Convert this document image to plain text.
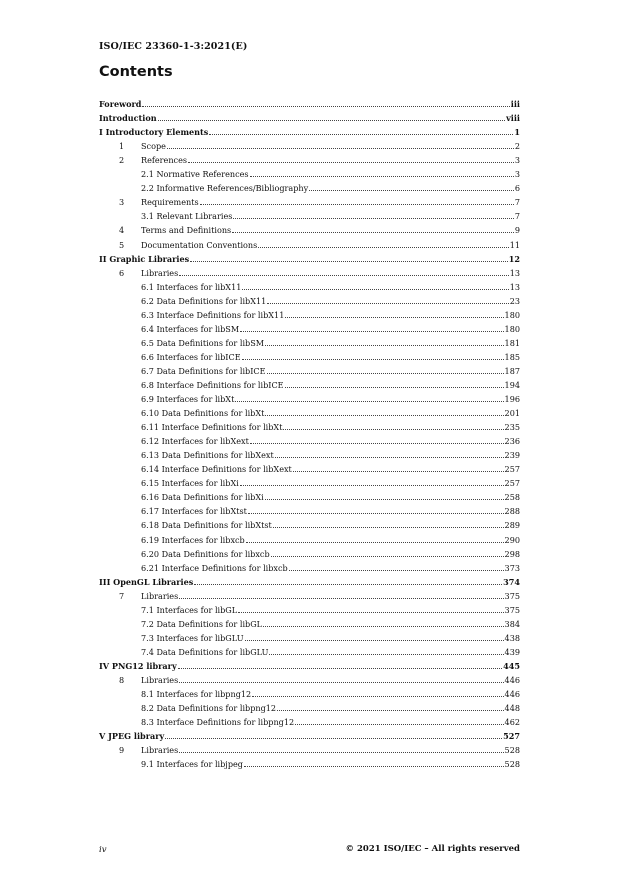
ISO/IEC 23360-1-3:2021(E)
Contents
Foreword	iii
Introduction	viii
I Introductory Elements	1
1	Scope	2
2	References	3
2.1 Normative References	3
2.2 Informative References/Bibliography	6
3	Requirements	7
3.1 Relevant Libraries	7
4	Terms and Definitions	9
5	Documentation Conventions	11
II Graphic Libraries	12
6	Libraries	13
6.1 Interfaces for libX11	13
6.2 Data Definitions for libX11	23
6.3 Interface Definitions for libX11	180
6.4 Interfaces for libSM	180
6.5 Data Definitions for libSM	181
6.6 Interfaces for libICE	185
6.7 Data Definitions for libICE	187
6.8 Interface Definitions for libICE	194
6.9 Interfaces for libXt	196
6.10 Data Definitions for libXt	201
6.11 Interface Definitions for libXt	235
6.12 Interfaces for libXext	236
6.13 Data Definitions for libXext	239
6.14 Interface Definitions for libXext	257
6.15 Interfaces for libXi	257
6.16 Data Definitions for libXi	258
6.17 Interfaces for libXtst	288
6.18 Data Definitions for libXtst	289
6.19 Interfaces for libxcb	290
6.20 Data Definitions for libxcb	298
6.21 Interface Definitions for libxcb	373
III OpenGL Libraries	374
7	Libraries	375
7.1 Interfaces for libGL	375
7.2 Data Definitions for libGL	384
7.3 Interfaces for libGLU	438
7.4 Data Definitions for libGLU	439
IV PNG12 library	445
8	Libraries	446
8.1 Interfaces for libpng12	446
8.2 Data Definitions for libpng12	448
8.3 Interface Definitions for libpng12	462
V JPEG library	527
9	Libraries	528
9.1 Interfaces for libjpeg	528
iv	© 2021 ISO/IEC – All rights reserved
